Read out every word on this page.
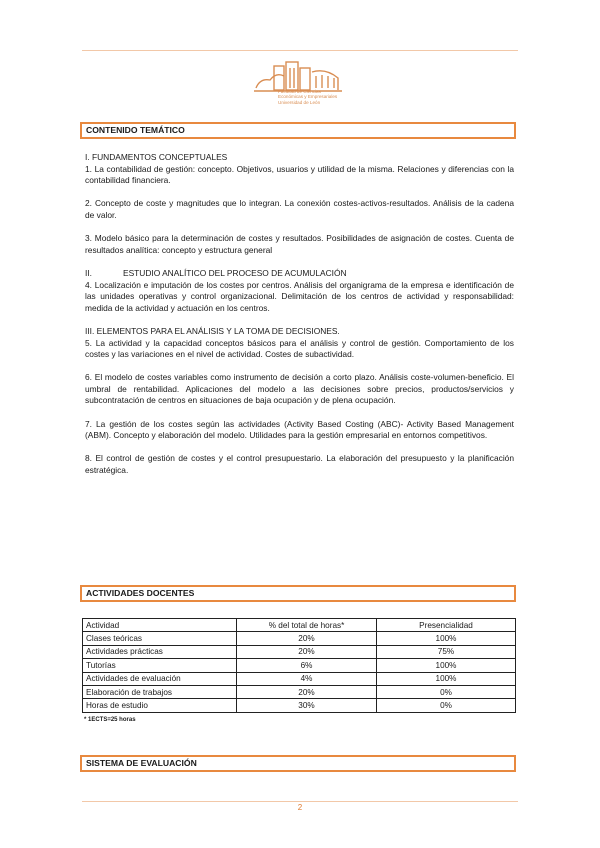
Facultad de Ciencias
Económicas y Empresariales
Universidad de León
CONTENIDO TEMÁTICO

I. FUNDAMENTOS CONCEPTUALES
1. La contabilidad de gestión: concepto. Objetivos, usuarios y utilidad de la misma. Relaciones y diferencias con la contabilidad financiera.

2. Concepto de coste y magnitudes que lo integran. La conexión costes-activos-resultados. Análisis de la cadena de valor.

3. Modelo básico para la determinación de costes y resultados. Posibilidades de asignación de costes. Cuenta de resultados analítica: concepto y estructura general

II.	ESTUDIO ANALÍTICO DEL PROCESO DE ACUMULACIÓN
4. Localización e imputación de los costes por centros. Análisis del organigrama de la empresa e identificación de las unidades operativas y control organizacional. Delimitación de los centros de actividad y responsabilidad: medida de la actividad y actuación en los centros.

III. ELEMENTOS PARA EL ANÁLISIS Y LA TOMA DE DECISIONES.
5. La actividad y la capacidad conceptos básicos para el análisis y control de gestión. Comportamiento de los costes y las variaciones en el nivel de actividad. Costes de subactividad.

6. El modelo de costes variables como instrumento de decisión a corto plazo. Análisis coste-volumen-beneficio. El umbral de rentabilidad. Aplicaciones del modelo a las decisiones sobre precios, productos/servicios y subcontratación de centros en situaciones de baja ocupación y de plena ocupación.

7. La gestión de los costes según las actividades (Activity Based Costing (ABC)- Activity Based Management (ABM). Concepto y elaboración del modelo. Utilidades para la gestión empresarial en entornos competitivos.

8. El control de gestión de costes y el control presupuestario. La elaboración del presupuesto y la planificación estratégica.

ACTIVIDADES DOCENTES
Actividad	% del total de horas*	Presencialidad
Clases teóricas	20%	100%
Actividades prácticas	20%	75%
Tutorías	6%	100%
Actividades de evaluación	4%	100%
Elaboración de trabajos	20%	0%
Horas de estudio	30%	0%
* 1ECTS=25 horas
SISTEMA DE EVALUACIÓN
2
